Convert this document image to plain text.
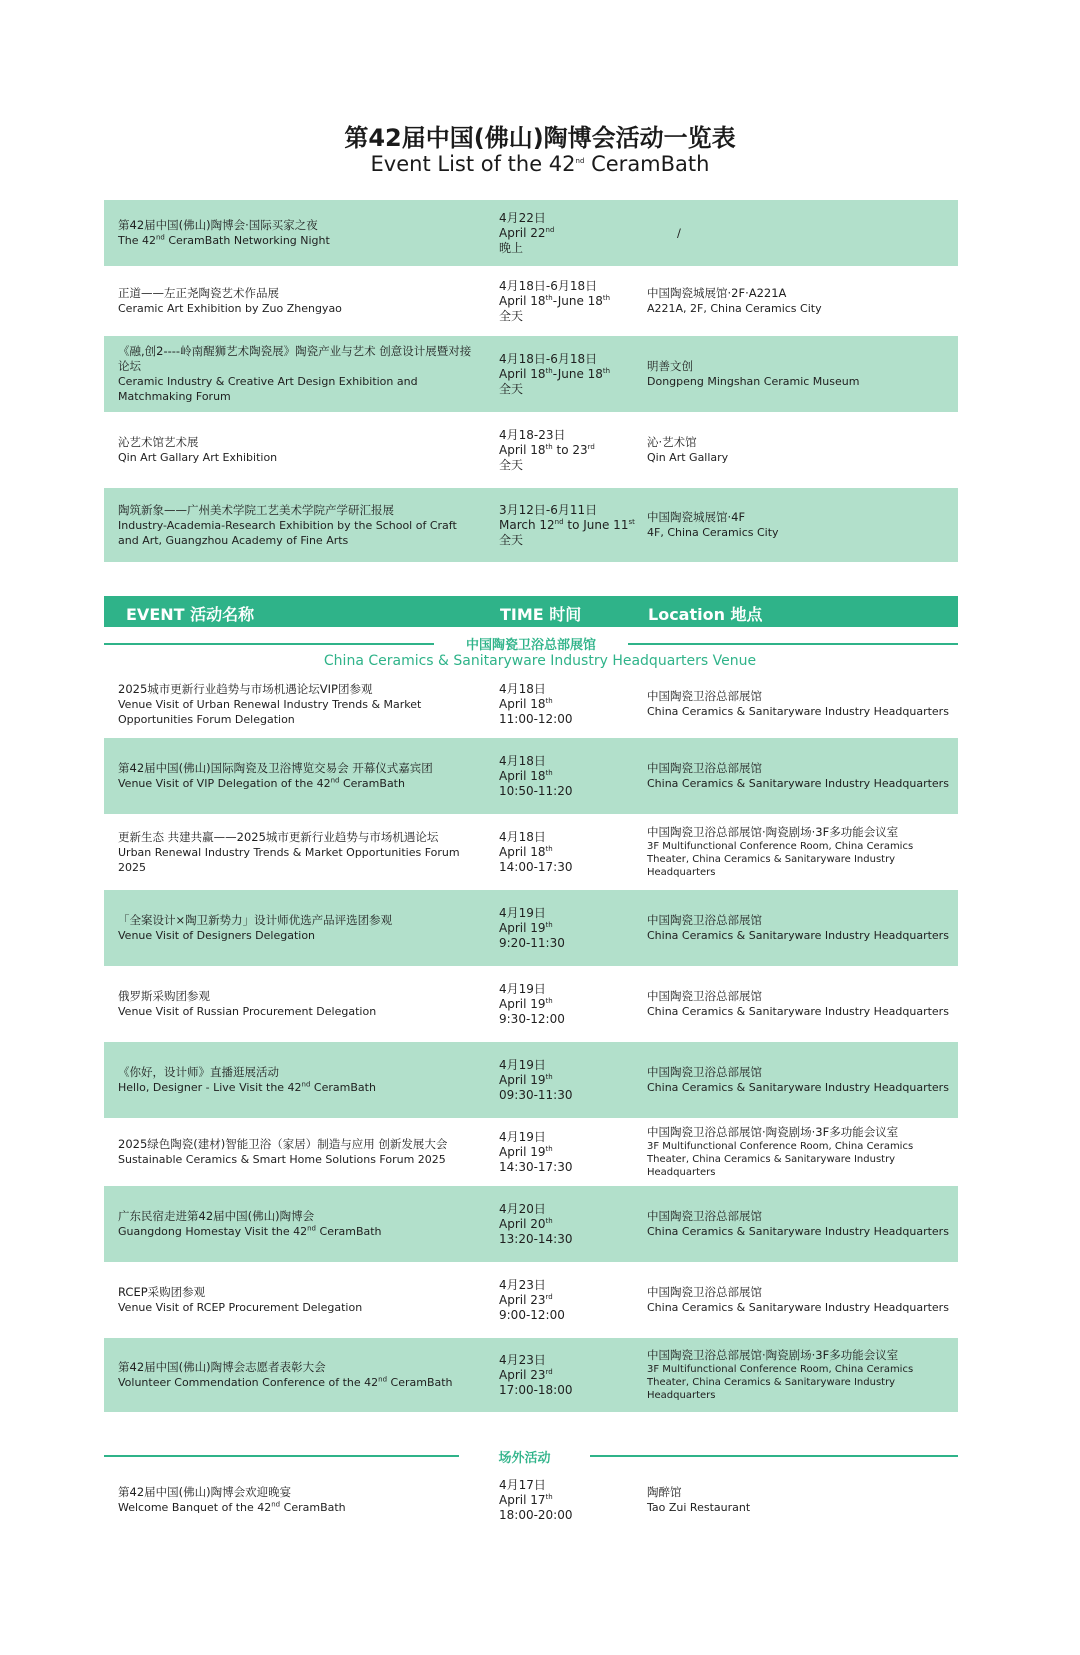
第42届中国(佛山)陶博会活动一览表
Event List of the 42nd CeramBath
第42届中国(佛山)陶博会·国际买家之夜
The 42nd CeramBath Networking Night
4月22日
April 22nd
晚上
/
正道——左正尧陶瓷艺术作品展
Ceramic Art Exhibition by Zuo Zhengyao
4月18日-6月18日
April 18th-June 18th
全天
中国陶瓷城展馆·2F·A221A
A221A, 2F, China Ceramics City
《融,创2----岭南醒狮艺术陶瓷展》陶瓷产业与艺术 创意设计展暨对接论坛
Ceramic Industry & Creative Art Design Exhibition and Matchmaking Forum
4月18日-6月18日
April 18th-June 18th
全天
明善文创
Dongpeng Mingshan Ceramic Museum
沁艺术馆艺术展
Qin Art Gallary Art Exhibition
4月18-23日
April 18th to 23rd
全天
沁·艺术馆
Qin Art Gallary
陶筑新象——广州美术学院工艺美术学院产学研汇报展
Industry-Academia-Research Exhibition by the School of Craft and Art, Guangzhou Academy of Fine Arts
3月12日-6月11日
March 12nd to June 11st
全天
中国陶瓷城展馆·4F
4F, China Ceramics City
EVENT 活动名称	TIME 时间	Location 地点
中国陶瓷卫浴总部展馆
China Ceramics & Sanitaryware Industry Headquarters Venue
2025城市更新行业趋势与市场机遇论坛VIP团参观
Venue Visit of Urban Renewal Industry Trends & Market Opportunities Forum Delegation
4月18日
April 18th
11:00-12:00
中国陶瓷卫浴总部展馆
China Ceramics & Sanitaryware Industry Headquarters
第42届中国(佛山)国际陶瓷及卫浴博览交易会 开幕仪式嘉宾团
Venue Visit of VIP Delegation of the 42nd CeramBath
4月18日
April 18th
10:50-11:20
中国陶瓷卫浴总部展馆
China Ceramics & Sanitaryware Industry Headquarters
更新生态 共建共赢——2025城市更新行业趋势与市场机遇论坛
Urban Renewal Industry Trends & Market Opportunities Forum 2025
4月18日
April 18th
14:00-17:30
中国陶瓷卫浴总部展馆·陶瓷剧场·3F多功能会议室
3F Multifunctional Conference Room, China Ceramics Theater, China Ceramics & Sanitaryware Industry Headquarters
「全案设计×陶卫新势力」设计师优选产品评选团参观
Venue Visit of Designers Delegation
4月19日
April 19th
9:20-11:30
中国陶瓷卫浴总部展馆
China Ceramics & Sanitaryware Industry Headquarters
俄罗斯采购团参观
Venue Visit of Russian Procurement Delegation
4月19日
April 19th
9:30-12:00
中国陶瓷卫浴总部展馆
China Ceramics & Sanitaryware Industry Headquarters
《你好，设计师》直播逛展活动
Hello, Designer - Live Visit the 42nd CeramBath
4月19日
April 19th
09:30-11:30
中国陶瓷卫浴总部展馆
China Ceramics & Sanitaryware Industry Headquarters
2025绿色陶瓷(建材)智能卫浴（家居）制造与应用 创新发展大会
Sustainable Ceramics & Smart Home Solutions Forum 2025
4月19日
April 19th
14:30-17:30
中国陶瓷卫浴总部展馆·陶瓷剧场·3F多功能会议室
3F Multifunctional Conference Room, China Ceramics Theater, China Ceramics & Sanitaryware Industry Headquarters
广东民宿走进第42届中国(佛山)陶博会
Guangdong Homestay Visit the 42nd CeramBath
4月20日
April 20th
13:20-14:30
中国陶瓷卫浴总部展馆
China Ceramics & Sanitaryware Industry Headquarters
RCEP采购团参观
Venue Visit of RCEP Procurement Delegation
4月23日
April 23rd
9:00-12:00
中国陶瓷卫浴总部展馆
China Ceramics & Sanitaryware Industry Headquarters
第42届中国(佛山)陶博会志愿者表彰大会
Volunteer Commendation Conference of the 42nd CeramBath
4月23日
April 23rd
17:00-18:00
中国陶瓷卫浴总部展馆·陶瓷剧场·3F多功能会议室
3F Multifunctional Conference Room, China Ceramics Theater, China Ceramics & Sanitaryware Industry Headquarters
场外活动
第42届中国(佛山)陶博会欢迎晚宴
Welcome Banquet of the 42nd CeramBath
4月17日
April 17th
18:00-20:00
陶醉馆
Tao Zui Restaurant
